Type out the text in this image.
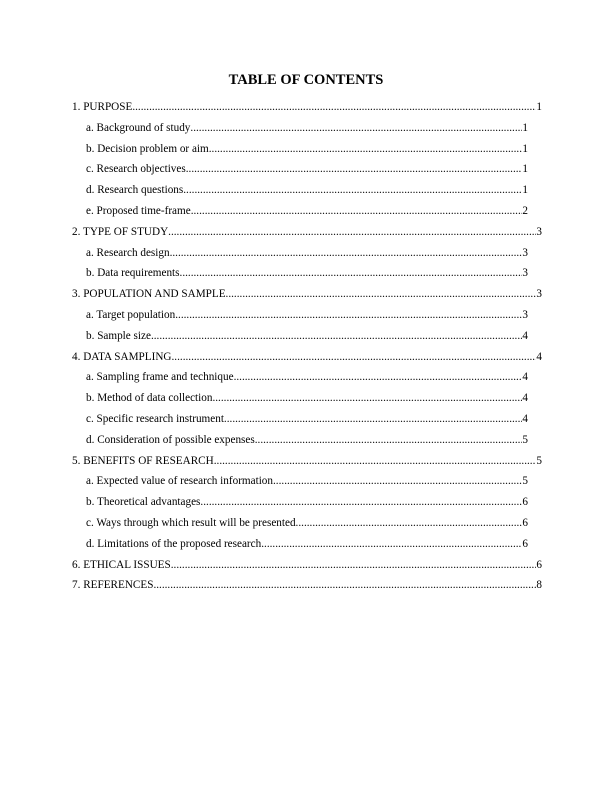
TABLE OF CONTENTS
1. PURPOSE .....	1
a. Background of study .....	1
b. Decision problem or aim .....	1
c. Research objectives .....	1
d. Research questions .....	1
e. Proposed time-frame .....	2
2. TYPE OF STUDY .....	3
a. Research design .....	3
b. Data requirements .....	3
3. POPULATION AND SAMPLE .....	3
a. Target population .....	3
b. Sample size .....	4
4. DATA SAMPLING .....	4
a. Sampling frame and technique .....	4
b. Method of data collection .....	4
c. Specific research instrument .....	4
d. Consideration of possible expenses .....	5
5. BENEFITS OF RESEARCH .....	5
a. Expected value of research information .....	5
b. Theoretical advantages .....	6
c. Ways through which result will be presented .....	6
d. Limitations of the proposed research .....	6
6. ETHICAL ISSUES .....	6
7. REFERENCES .....	8
